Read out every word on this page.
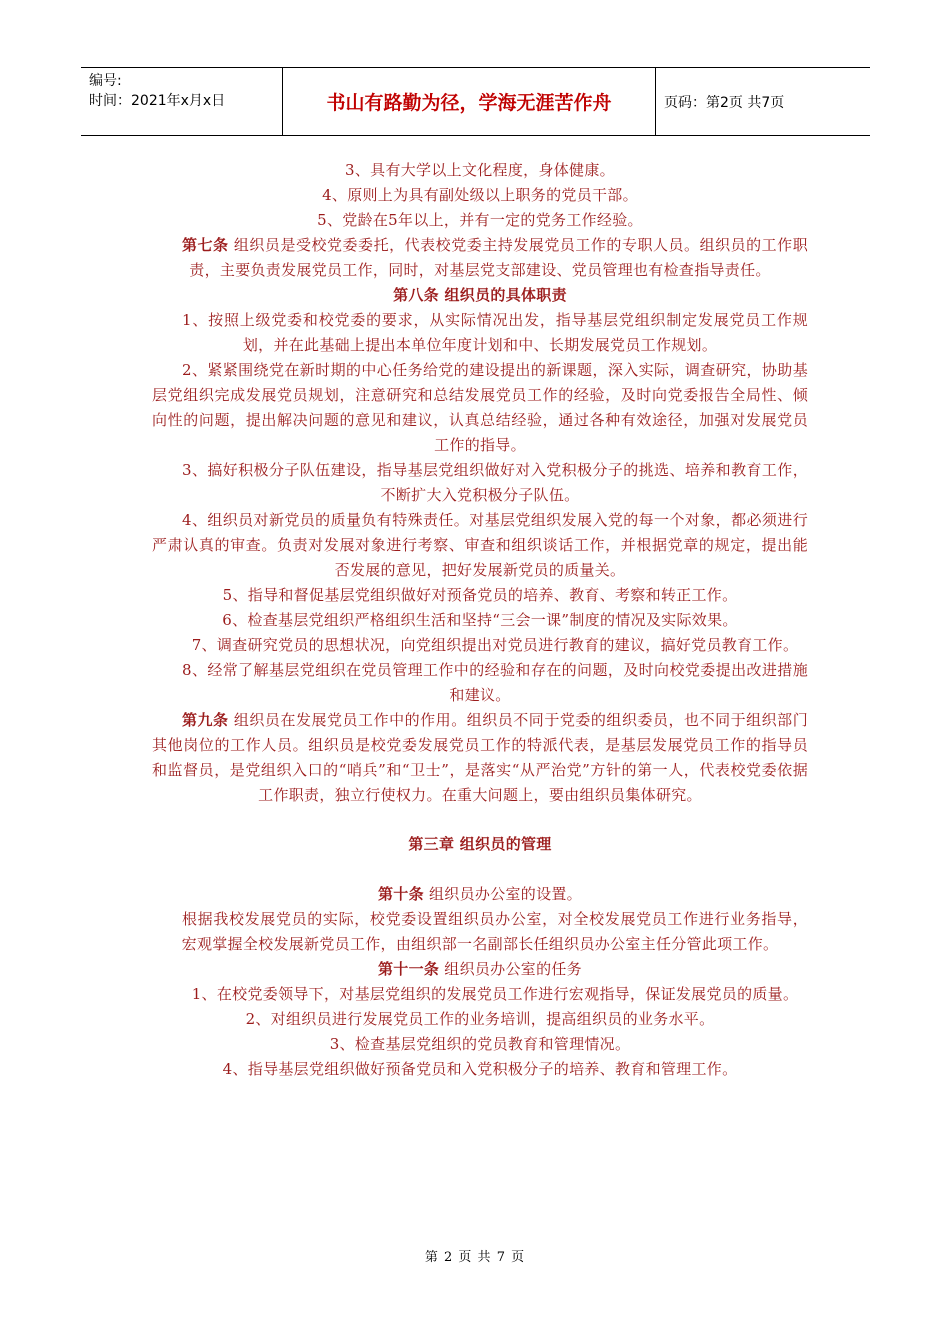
编号:
时间：2021年x月x日	书山有路勤为径，学海无涯苦作舟	页码：第2页 共7页

3、具有大学以上文化程度，身体健康。

4、原则上为具有副处级以上职务的党员干部。

5、党龄在5年以上，并有一定的党务工作经验。

第七条 组织员是受校党委委托，代表校党委主持发展党员工作的专职人员。组织员的工作职责，主要负责发展党员工作，同时，对基层党支部建设、党员管理也有检查指导责任。

第八条 组织员的具体职责

1、按照上级党委和校党委的要求，从实际情况出发，指导基层党组织制定发展党员工作规划，并在此基础上提出本单位年度计划和中、长期发展党员工作规划。

2、紧紧围绕党在新时期的中心任务给党的建设提出的新课题，深入实际，调查研究，协助基层党组织完成发展党员规划，注意研究和总结发展党员工作的经验，及时向党委报告全局性、倾向性的问题，提出解决问题的意见和建议，认真总结经验，通过各种有效途径，加强对发展党员工作的指导。

3、搞好积极分子队伍建设，指导基层党组织做好对入党积极分子的挑选、培养和教育工作，不断扩大入党积极分子队伍。

4、组织员对新党员的质量负有特殊责任。对基层党组织发展入党的每一个对象，都必须进行严肃认真的审查。负责对发展对象进行考察、审查和组织谈话工作，并根据党章的规定，提出能否发展的意见，把好发展新党员的质量关。

5、指导和督促基层党组织做好对预备党员的培养、教育、考察和转正工作。

6、检查基层党组织严格组织生活和坚持“三会一课”制度的情况及实际效果。

7、调查研究党员的思想状况，向党组织提出对党员进行教育的建议，搞好党员教育工作。

8、经常了解基层党组织在党员管理工作中的经验和存在的问题，及时向校党委提出改进措施和建议。

第九条 组织员在发展党员工作中的作用。组织员不同于党委的组织委员，也不同于组织部门其他岗位的工作人员。组织员是校党委发展党员工作的特派代表，是基层发展党员工作的指导员和监督员，是党组织入口的“哨兵”和“卫士”，是落实“从严治党”方针的第一人，代表校党委依据工作职责，独立行使权力。在重大问题上，要由组织员集体研究。

第三章 组织员的管理

第十条 组织员办公室的设置。

根据我校发展党员的实际，校党委设置组织员办公室，对全校发展党员工作进行业务指导，宏观掌握全校发展新党员工作，由组织部一名副部长任组织员办公室主任分管此项工作。

第十一条 组织员办公室的任务

1、在校党委领导下，对基层党组织的发展党员工作进行宏观指导，保证发展党员的质量。

2、对组织员进行发展党员工作的业务培训，提高组织员的业务水平。

3、检查基层党组织的党员教育和管理情况。

4、指导基层党组织做好预备党员和入党积极分子的培养、教育和管理工作。

第 2 页 共 7 页
